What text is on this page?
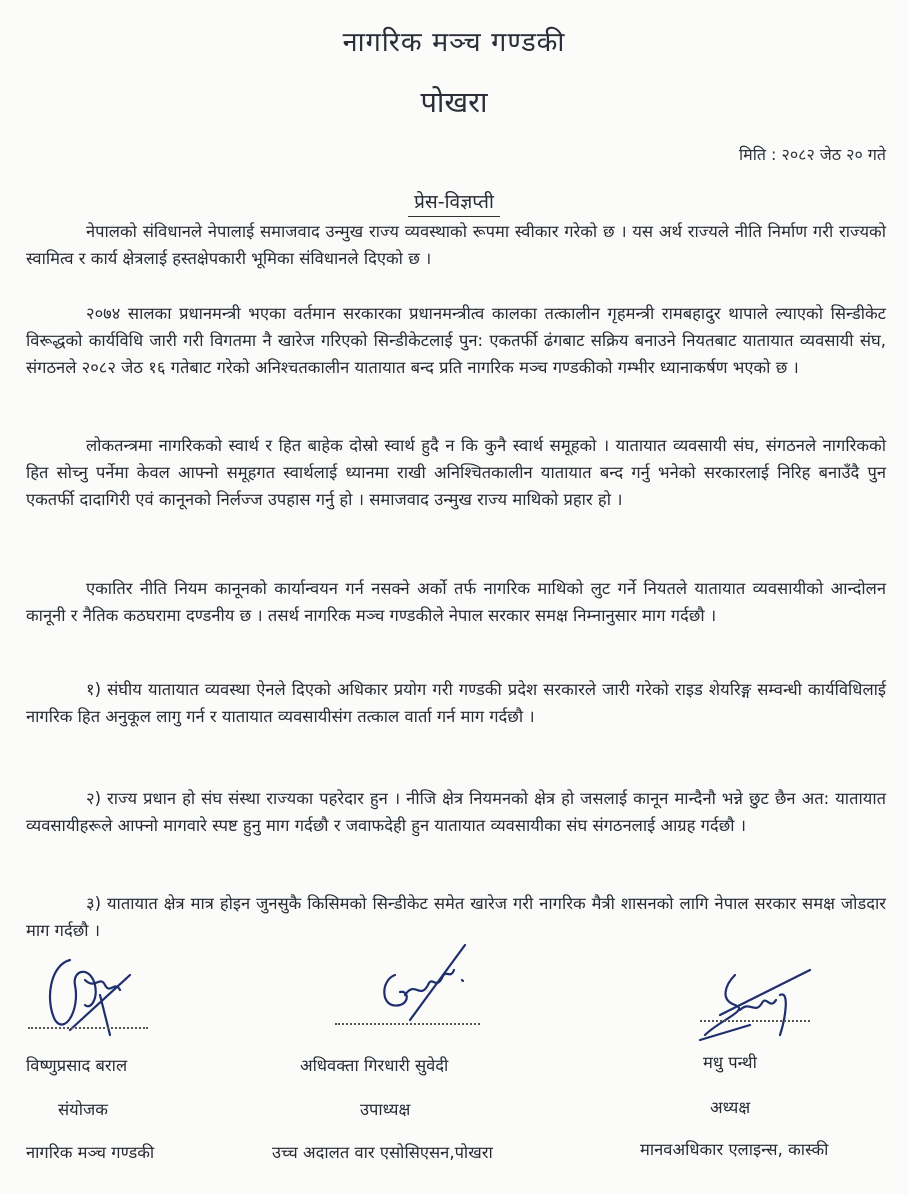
नागरिक मञ्च गण्डकी
पोखरा
मिति : २०८२ जेठ २० गते
प्रेस-विज्ञप्ती

नेपालको संविधानले नेपालाई समाजवाद उन्मुख राज्य व्यवस्थाको रूपमा स्वीकार गरेको छ । यस अर्थ राज्यले नीति निर्माण गरी राज्यको स्वामित्व र कार्य क्षेत्रलाई हस्तक्षेपकारी भूमिका संविधानले दिएको छ ।

२०७४ सालका प्रधानमन्त्री भएका वर्तमान सरकारका प्रधानमन्त्रीत्व कालका तत्कालीन गृहमन्त्री रामबहादुर थापाले ल्याएको सिन्डीकेट विरूद्धको कार्यविधि जारी गरी विगतमा नै खारेज गरिएको सिन्डीकेटलाई पुन: एकतर्फी ढंगबाट सक्रिय बनाउने नियतबाट यातायात व्यवसायी संघ, संगठनले २०८२ जेठ १६ गतेबाट गरेको अनिश्चतकालीन यातायात बन्द प्रति नागरिक मञ्च गण्डकीको गम्भीर ध्यानाकर्षण भएको छ ।

लोकतन्त्रमा नागरिकको स्वार्थ र हित बाहेक दोस्रो स्वार्थ हुदै न कि कुनै स्वार्थ समूहको । यातायात व्यवसायी संघ, संगठनले नागरिकको हित सोच्नु पर्नेमा केवल आफ्नो समूहगत स्वार्थलाई ध्यानमा राखी अनिश्चितकालीन यातायात बन्द गर्नु भनेको सरकारलाई निरिह बनाउँदै पुन एकतर्फी दादागिरी एवं कानूनको निर्लज्ज उपहास गर्नु हो । समाजवाद उन्मुख राज्य माथिको प्रहार हो ।

एकातिर नीति नियम कानूनको कार्यान्वयन गर्न नसक्ने अर्को तर्फ नागरिक माथिको लुट गर्ने नियतले यातायात व्यवसायीको आन्दोलन कानूनी र नैतिक कठघरामा दण्डनीय छ । तसर्थ नागरिक मञ्च गण्डकीले नेपाल सरकार समक्ष निम्नानुसार माग गर्दछौ ।

१) संघीय यातायात व्यवस्था ऐनले दिएको अधिकार प्रयोग गरी गण्डकी प्रदेश सरकारले जारी गरेको राइड शेयरिङ्ग सम्वन्धी कार्यविधिलाई नागरिक हित अनुकूल लागु गर्न र यातायात व्यवसायीसंग तत्काल वार्ता गर्न माग गर्दछौ ।

२) राज्य प्रधान हो संघ संस्था राज्यका पहरेदार हुन । नीजि क्षेत्र नियमनको क्षेत्र हो जसलाई कानून मान्दैनौ भन्ने छुट छैन अत: यातायात व्यवसायीहरूले आफ्नो मागवारे स्पष्ट हुनु माग गर्दछौ र जवाफदेही हुन यातायात व्यवसायीका संघ संगठनलाई आग्रह गर्दछौ ।

३) यातायात क्षेत्र मात्र होइन जुनसुकै किसिमको सिन्डीकेट समेत खारेज गरी नागरिक मैत्री शासनको लागि नेपाल सरकार समक्ष जोडदार माग गर्दछौ ।

विष्णुप्रसाद बराल
संयोजक
नागरिक मञ्च गण्डकी
अधिवक्ता गिरधारी सुवेदी
उपाध्यक्ष
उच्च अदालत वार एसोसिएसन,पोखरा
मधु पन्थी
अध्यक्ष
मानवअधिकार एलाइन्स, कास्की
